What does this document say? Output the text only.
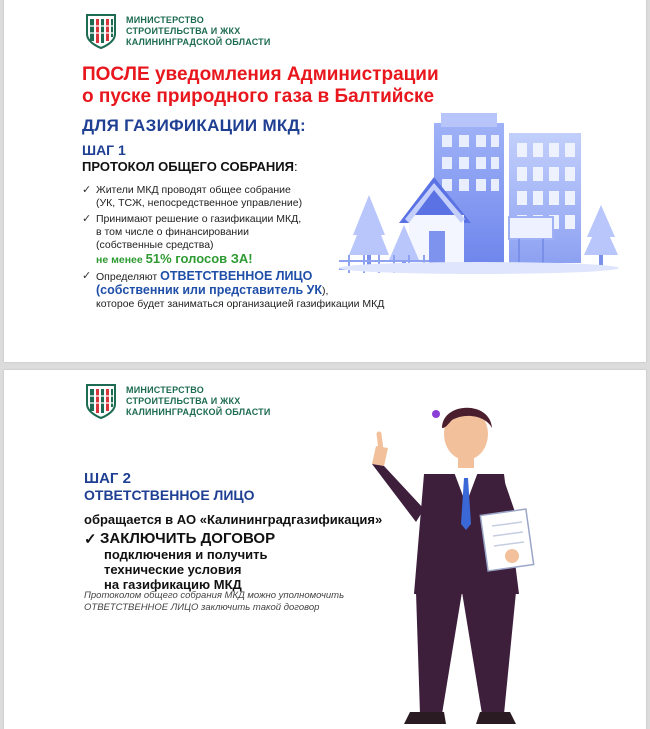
МИНИСТЕРСТВО
СТРОИТЕЛЬСТВА И ЖКХ
КАЛИНИНГРАДСКОЙ ОБЛАСТИ
ПОСЛЕ уведомления Администрации
о пуске природного газа в Балтийске
ДЛЯ ГАЗИФИКАЦИИ МКД:
ШАГ 1
ПРОТОКОЛ ОБЩЕГО СОБРАНИЯ:
✓ Жители МКД проводят общее собрание
(УК, ТСЖ, непосредственное управление)
✓ Принимают решение о газификации МКД,
в том числе о финансировании
(собственные средства)
не менее 51% голосов ЗА!
✓ Определяют ОТВЕТСТВЕННОЕ ЛИЦО
(собственник или представитель УК),
которое будет заниматься организацией газификации МКД
МИНИСТЕРСТВО
СТРОИТЕЛЬСТВА И ЖКХ
КАЛИНИНГРАДСКОЙ ОБЛАСТИ
ШАГ 2
ОТВЕТСТВЕННОЕ ЛИЦО
обращается в АО «Калининградгазификация»
✓ ЗАКЛЮЧИТЬ ДОГОВОР
подключения и получить
технические условия
на газификацию МКД
Протоколом общего собрания МКД можно уполномочить
ОТВЕТСТВЕННОЕ ЛИЦО заключить такой договор
